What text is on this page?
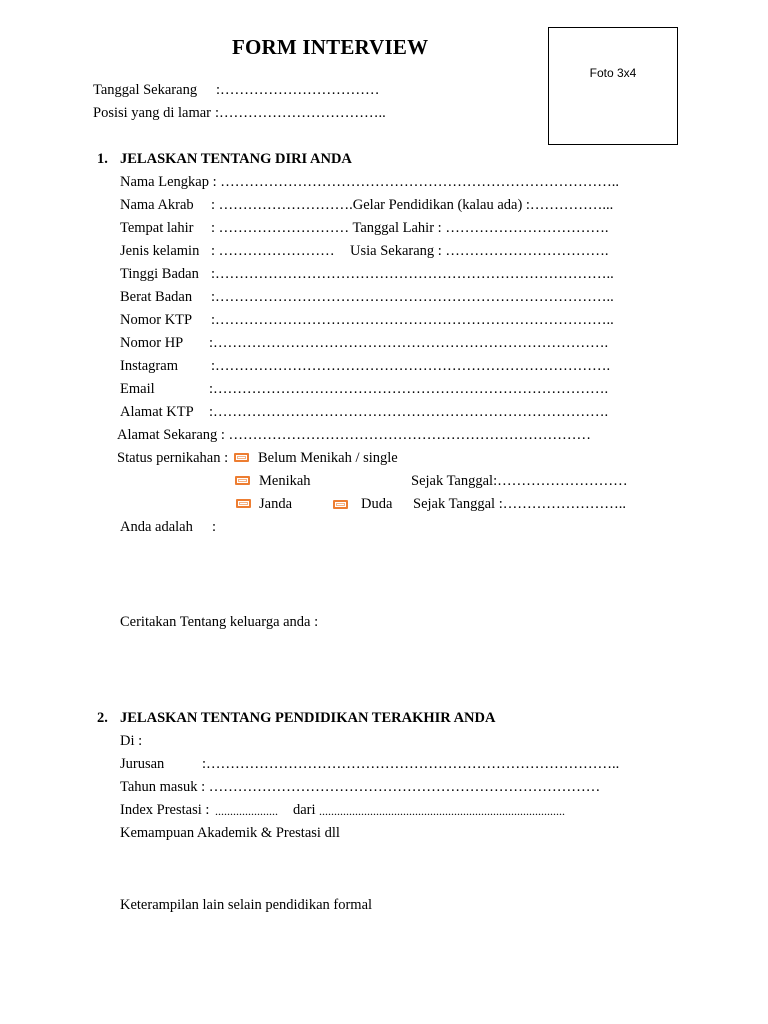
FORM INTERVIEW
Foto 3x4
Tanggal Sekarang :……………………………
Posisi yang di lamar :……………………………..
1. JELASKAN TENTANG DIRI ANDA
Nama Lengkap : ………………………………………………………………………..
Nama Akrab : ……………………….Gelar Pendidikan (kalau ada) :……………...
Tempat lahir : ……………………… Tanggal Lahir : …………………………….
Jenis kelamin : …………………… Usia Sekarang : …………………………….
Tinggi Badan :………………………………………………………………………..
Berat Badan :………………………………………………………………………..
Nomor KTP :………………………………………………………………………..
Nomor HP :……………………………………………………………………….
Instagram :……………………………………………………………………….
Email	:……………………………………………………………………….
Alamat KTP :……………………………………………………………………….
Alamat Sekarang : …………………………………………………………………
Status pernikahan : Belum Menikah / single
Menikah	Sejak Tanggal:………………………
Janda	Duda Sejak Tanggal :……………………..
Anda adalah :
Ceritakan Tentang keluarga anda :
2. JELASKAN TENTANG PENDIDIKAN TERAKHIR ANDA
Di :
Jurusan	:…………………………………………………………………………..
Tahun masuk : ………………………………………………………………………
Index Prestasi : ..................... dari ..................................................................................
Kemampuan Akademik & Prestasi dll
Keterampilan lain selain pendidikan formal
